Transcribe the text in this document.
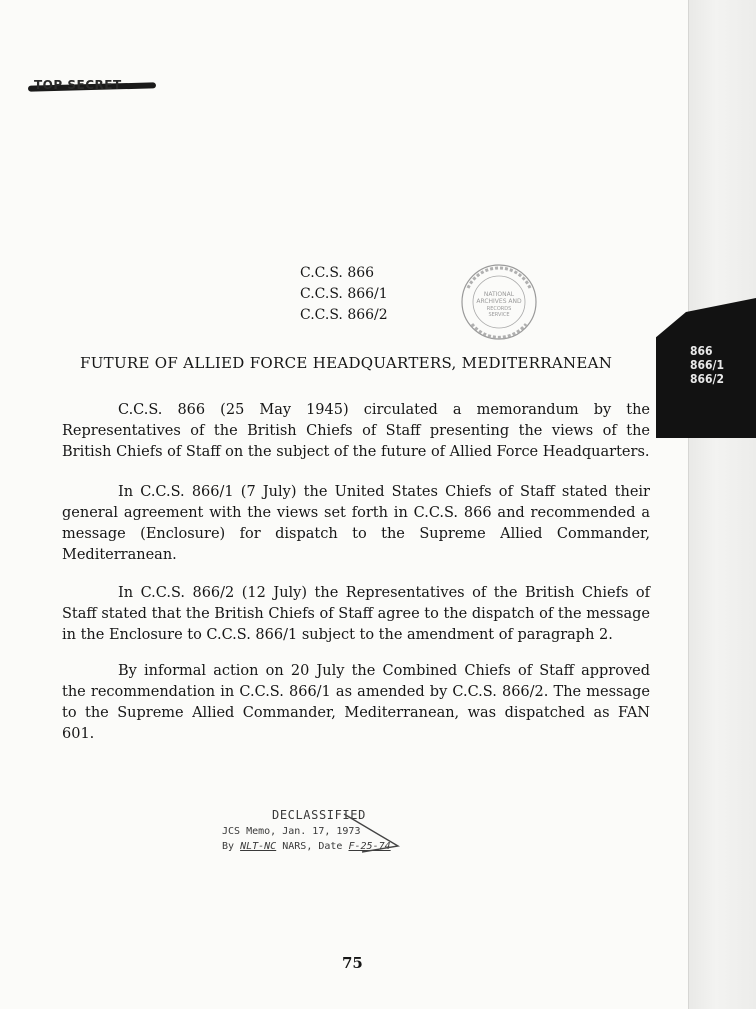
TOP SECRET
C.C.S. 866
C.C.S. 866/1
C.C.S. 866/2
NATIONAL
ARCHIVES AND
RECORDS
SERVICE
FUTURE OF ALLIED FORCE HEADQUARTERS, MEDITERRANEAN

C.C.S. 866 (25 May 1945) circulated a memorandum by the Representatives of the British Chiefs of Staff presenting the views of the British Chiefs of Staff on the subject of the future of Allied Force Headquarters.

In C.C.S. 866/1 (7 July) the United States Chiefs of Staff stated their general agreement with the views set forth in C.C.S. 866 and recommended a message (Enclosure) for dispatch to the Supreme Allied Commander, Mediterranean.

In C.C.S. 866/2 (12 July) the Representatives of the British Chiefs of Staff stated that the British Chiefs of Staff agree to the dispatch of the message in the Enclosure to C.C.S. 866/1 subject to the amendment of paragraph 2.

By informal action on 20 July the Combined Chiefs of Staff approved the recommendation in C.C.S. 866/1 as amended by C.C.S. 866/2. The message to the Supreme Allied Commander, Mediterranean, was dispatched as FAN 601.

866
866/1
866/2
DECLASSIFIED
JCS Memo, Jan. 17, 1973
By NLT-NC NARS, Date F-25-74
75
